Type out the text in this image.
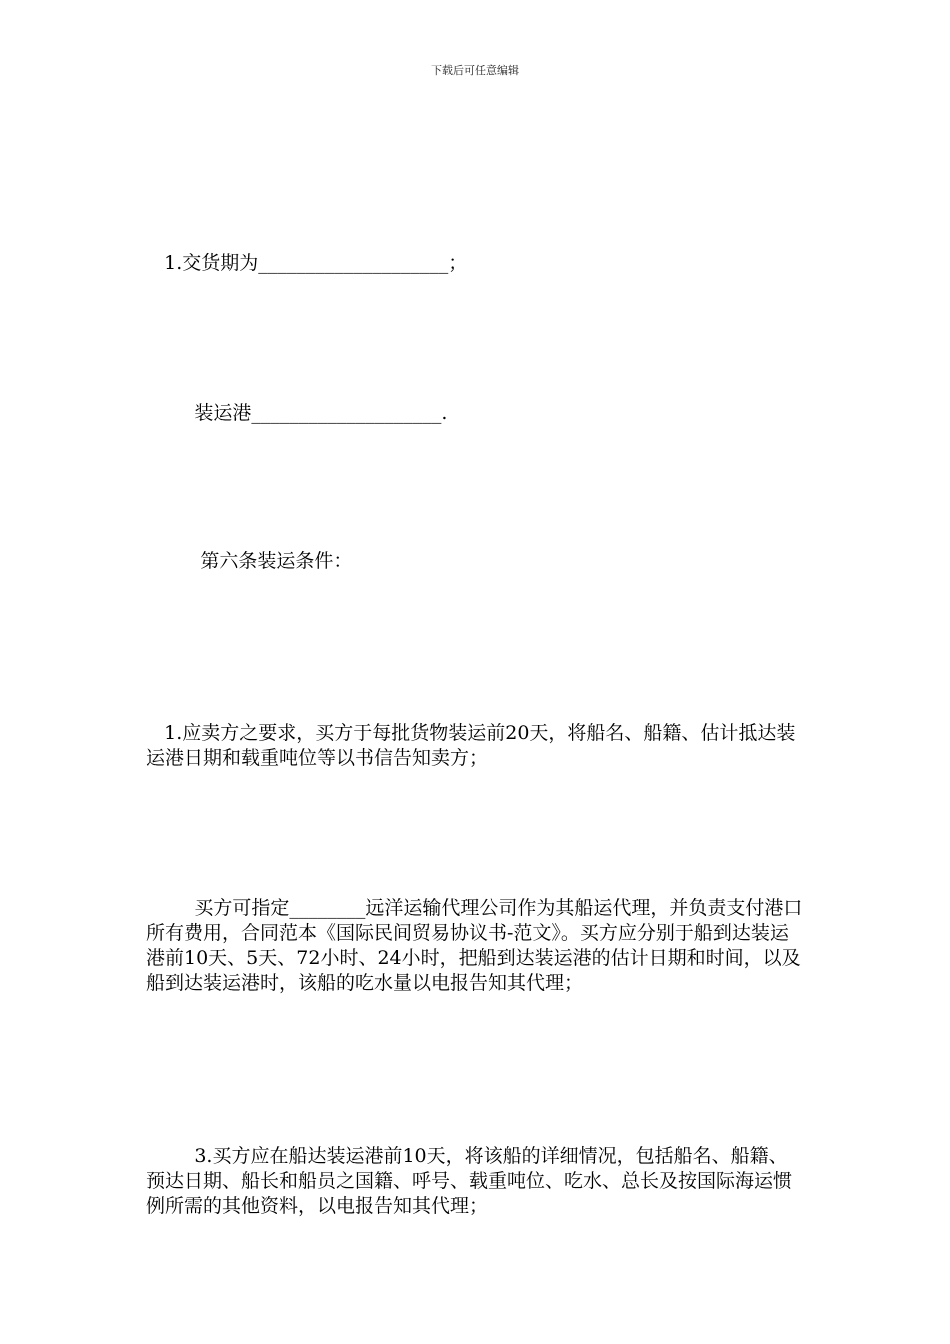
下载后可任意编辑

1.交货期为____________________；

装运港____________________.

第六条装运条件：

1.应卖方之要求，买方于每批货物装运前20天，将船名、船籍、估计抵达装运港日期和载重吨位等以书信告知卖方；

买方可指定________远洋运输代理公司作为其船运代理，并负责支付港口所有费用，合同范本《国际民间贸易协议书-范文》。买方应分别于船到达装运港前10天、5天、72小时、24小时，把船到达装运港的估计日期和时间，以及船到达装运港时，该船的吃水量以电报告知其代理；

3.买方应在船达装运港前10天，将该船的详细情况，包括船名、船籍、预达日期、船长和船员之国籍、呼号、载重吨位、吃水、总长及按国际海运惯例所需的其他资料，以电报告知其代理；
